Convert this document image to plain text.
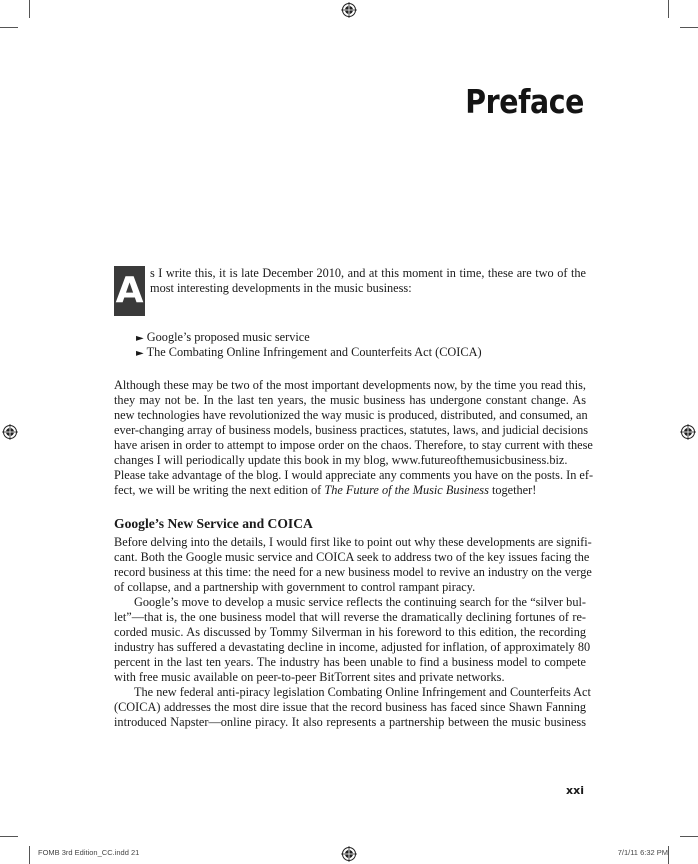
Preface
A s I write this, it is late December 2010, and at this moment in time, these are two of the
most interesting developments in the music business:
► Google’s proposed music service
► The Combating Online Infringement and Counterfeits Act (COICA)
Although these may be two of the most important developments now, by the time you read this,
they may not be. In the last ten years, the music business has undergone constant change. As
new technologies have revolutionized the way music is produced, distributed, and consumed, an
ever-changing array of business models, business practices, statutes, laws, and judicial decisions
have arisen in order to attempt to impose order on the chaos. Therefore, to stay current with these
changes I will periodically update this book in my blog, www.futureofthemusicbusiness.biz.
Please take advantage of the blog. I would appreciate any comments you have on the posts. In ef-
fect, we will be writing the next edition of The Future of the Music Business together!
Google’s New Service and COICA
Before delving into the details, I would first like to point out why these developments are signifi-
cant. Both the Google music service and COICA seek to address two of the key issues facing the
record business at this time: the need for a new business model to revive an industry on the verge
of collapse, and a partnership with government to control rampant piracy.
Google’s move to develop a music service reflects the continuing search for the “silver bul-
let”—that is, the one business model that will reverse the dramatically declining fortunes of re-
corded music. As discussed by Tommy Silverman in his foreword to this edition, the recording
industry has suffered a devastating decline in income, adjusted for inflation, of approximately 80
percent in the last ten years. The industry has been unable to find a business model to compete
with free music available on peer-to-peer BitTorrent sites and private networks.
The new federal anti-piracy legislation Combating Online Infringement and Counterfeits Act
(COICA) addresses the most dire issue that the record business has faced since Shawn Fanning
introduced Napster—online piracy. It also represents a partnership between the music business
xxi
FOMB 3rd Edition_CC.indd 21	7/1/11 6:32 PM
